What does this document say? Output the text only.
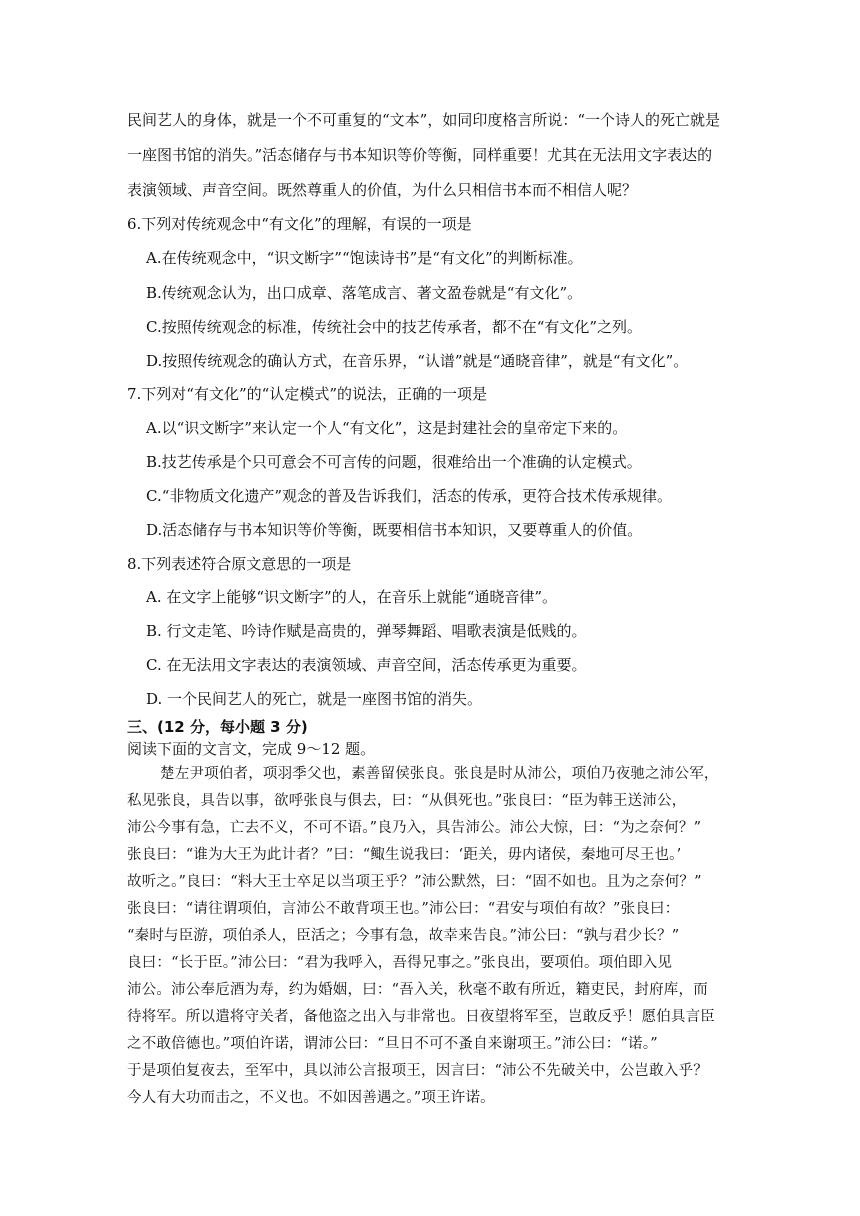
民间艺人的身体，就是一个不可重复的“文本”，如同印度格言所说：“一个诗人的死亡就是
一座图书馆的消失。”活态储存与书本知识等价等衡，同样重要！尤其在无法用文字表达的
表演领域、声音空间。既然尊重人的价值，为什么只相信书本而不相信人呢？
6.下列对传统观念中“有文化”的理解，有误的一项是
A.在传统观念中，“识文断字”“饱读诗书”是“有文化”的判断标准。
B.传统观念认为，出口成章、落笔成言、著文盈卷就是“有文化”。
C.按照传统观念的标准，传统社会中的技艺传承者，都不在“有文化”之列。
D.按照传统观念的确认方式，在音乐界，“认谱”就是“通晓音律”，就是“有文化”。
7.下列对“有文化”的“认定模式”的说法，正确的一项是
A.以“识文断字”来认定一个人“有文化”，这是封建社会的皇帝定下来的。
B.技艺传承是个只可意会不可言传的问题，很难给出一个准确的认定模式。
C.“非物质文化遗产”观念的普及告诉我们，活态的传承，更符合技术传承规律。
D.活态储存与书本知识等价等衡，既要相信书本知识，又要尊重人的价值。
8.下列表述符合原文意思的一项是
A. 在文字上能够“识文断字”的人，在音乐上就能“通晓音律”。
B. 行文走笔、吟诗作赋是高贵的，弹琴舞蹈、唱歌表演是低贱的。
C. 在无法用文字表达的表演领域、声音空间，活态传承更为重要。
D. 一个民间艺人的死亡，就是一座图书馆的消失。
三、(12 分，每小题 3 分)
阅读下面的文言文，完成 9～12 题。
楚左尹项伯者，项羽季父也，素善留侯张良。张良是时从沛公，项伯乃夜驰之沛公军，
私见张良，具告以事，欲呼张良与俱去，曰：“从俱死也。”张良曰：“臣为韩王送沛公，
沛公今事有急，亡去不义，不可不语。”良乃入，具告沛公。沛公大惊，曰：“为之奈何？”
张良曰：“谁为大王为此计者？”曰：“鲰生说我曰：‘距关，毋内诸侯，秦地可尽王也。’
故听之。”良曰：“料大王士卒足以当项王乎？”沛公默然，曰：“固不如也。且为之奈何？”
张良曰：“请往谓项伯，言沛公不敢背项王也。”沛公曰：“君安与项伯有故？”张良曰：
“秦时与臣游，项伯杀人，臣活之；今事有急，故幸来告良。”沛公曰：“孰与君少长？”
良曰：“长于臣。”沛公曰：“君为我呼入，吾得兄事之。”张良出，要项伯。项伯即入见
沛公。沛公奉卮酒为寿，约为婚姻，曰：“吾入关，秋毫不敢有所近，籍吏民，封府库，而
待将军。所以遣将守关者，备他盗之出入与非常也。日夜望将军至，岂敢反乎！愿伯具言臣
之不敢倍德也。”项伯许诺，谓沛公曰：“旦日不可不蚤自来谢项王。”沛公曰：“诺。”
于是项伯复夜去，至军中，具以沛公言报项王，因言曰：“沛公不先破关中，公岂敢入乎？
今人有大功而击之，不义也。不如因善遇之。”项王许诺。
